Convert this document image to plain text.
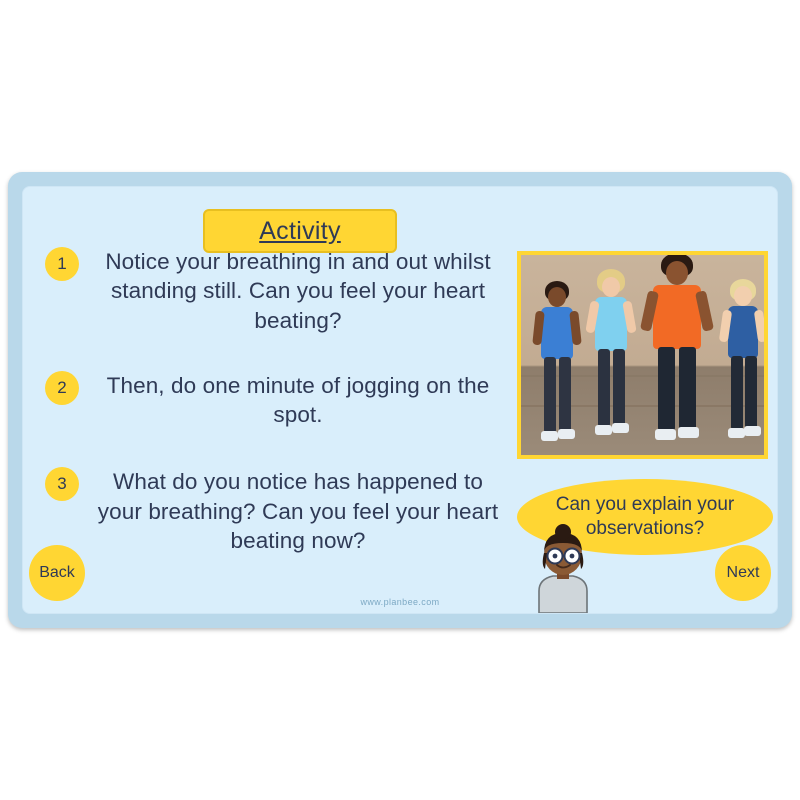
Activity
1	Notice your breathing in and out whilst standing still. Can you feel your heart beating?
2	Then, do one minute of jogging on the spot.
3	What do you notice has happened to your breathing? Can you feel your heart beating now?
Can you explain your observations?
www.planbee.com
Back	Next
